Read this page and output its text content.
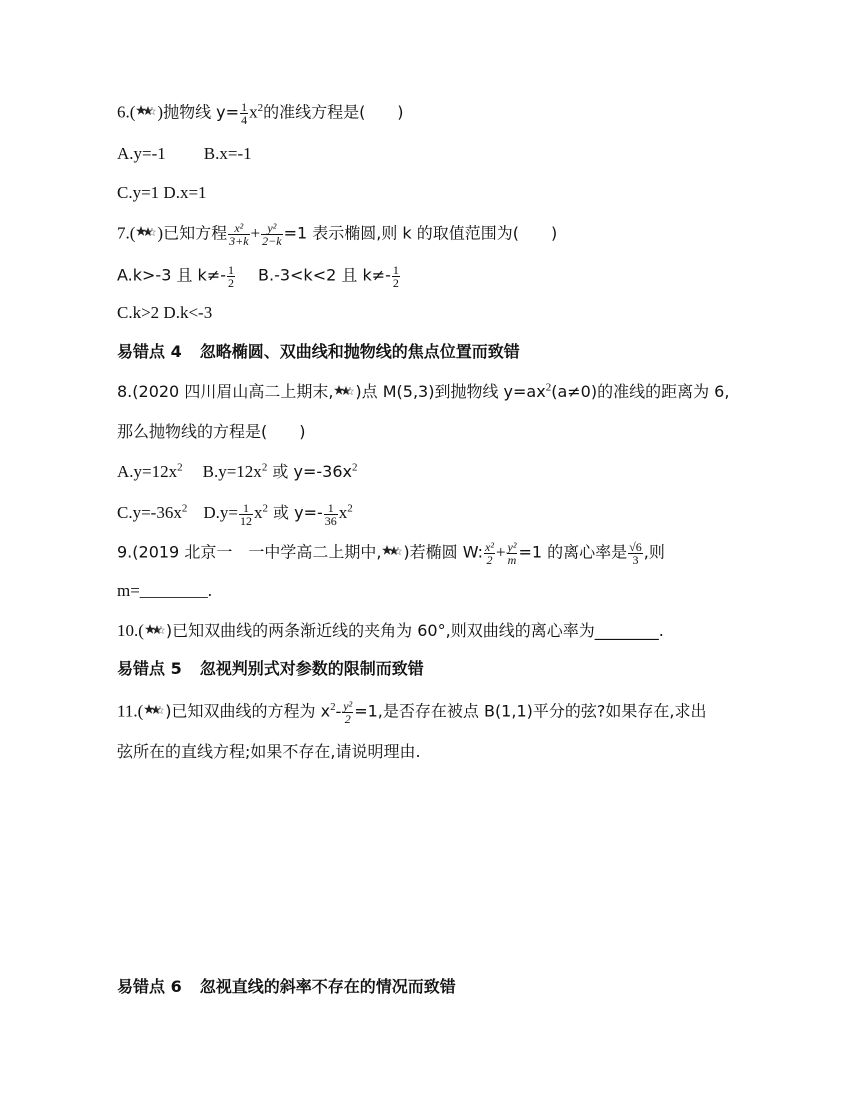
6.( )抛物线 $y= \frac{1}{4} x^2$的准线方程是(　　)
A.y=-1 B.x=-1
C.y=1 D.x=1
7.( )已知方程 $\frac{\text{x²}}{3+k} + \frac{\text{y²}}{2-k} =1$ 表示椭圆,则 k 的取值范围为(　　)
A.k>-3 且 $k\ne- \frac{1}{2} B.-3<k<2$ 且 $k\ne- \frac{1}{2}$
C.k>2 D.k<-3
易错点 4 忽略椭圆、双曲线和抛物线的焦点位置而致错
8.(2020 四川眉山高二上期末, )点 M(5,3)到抛物线 $y=ax^2(a\ne 0)$的准线的距离为 6,
那么抛物线的方程是(　　)
$A.y=12x^2$ $B.y=12x^2$ 或 $y=-36x^2$
$C.y=-36x^2$ $D.y= \frac{1}{12} x^2$ 或 $y=- \frac{1}{36} x^2$
9.(2019 北京一　一中学高二上期中, )若椭圆 W: $\frac{\text{x²}}{2} + \frac{\text{y²}}{m} =1$ 的离心率是 $\frac{√6}{3}$ ,则
m=________.
10.( )已知双曲线的两条渐近线的夹角为 60°,则双曲线的离心率为________.
易错点 5 忽视判别式对参数的限制而致错
11.( )已知双曲线的方程为 $x^2- \frac{\text{y²}}{2} =1$,是否存在被点 B(1,1)平分的弦?如果存在,求出
弦所在的直线方程;如果不存在,请说明理由.
易错点 6 忽视直线的斜率不存在的情况而致错
